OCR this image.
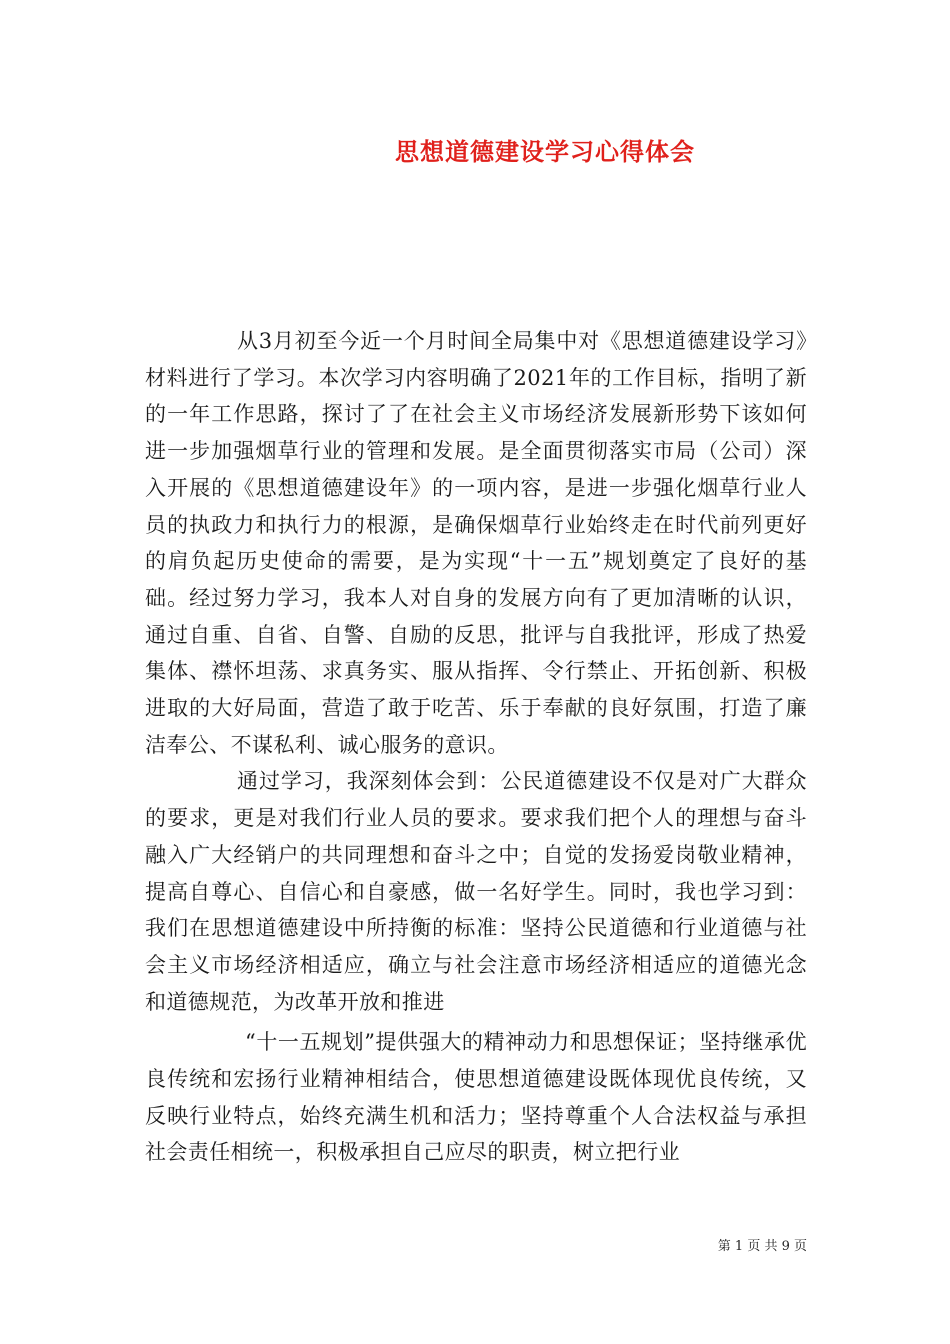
思想道德建设学习心得体会

从3月初至今近一个月时间全局集中对《思想道德建设学习》材料进行了学习。本次学习内容明确了2021年的工作目标，指明了新的一年工作思路，探讨了了在社会主义市场经济发展新形势下该如何进一步加强烟草行业的管理和发展。是全面贯彻落实市局（公司）深入开展的《思想道德建设年》的一项内容，是进一步强化烟草行业人员的执政力和执行力的根源，是确保烟草行业始终走在时代前列更好的肩负起历史使命的需要，是为实现“十一五”规划奠定了良好的基础。经过努力学习，我本人对自身的发展方向有了更加清晰的认识，通过自重、自省、自警、自励的反思，批评与自我批评，形成了热爱集体、襟怀坦荡、求真务实、服从指挥、令行禁止、开拓创新、积极进取的大好局面，营造了敢于吃苦、乐于奉献的良好氛围，打造了廉洁奉公、不谋私利、诚心服务的意识。

通过学习，我深刻体会到：公民道德建设不仅是对广大群众的要求，更是对我们行业人员的要求。要求我们把个人的理想与奋斗融入广大经销户的共同理想和奋斗之中；自觉的发扬爱岗敬业精神，提高自尊心、自信心和自豪感，做一名好学生。同时，我也学习到：我们在思想道德建设中所持衡的标准：坚持公民道德和行业道德与社会主义市场经济相适应，确立与社会注意市场经济相适应的道德光念和道德规范，为改革开放和推进

“十一五规划”提供强大的精神动力和思想保证；坚持继承优良传统和宏扬行业精神相结合，使思想道德建设既体现优良传统，又反映行业特点，始终充满生机和活力；坚持尊重个人合法权益与承担社会责任相统一，积极承担自己应尽的职责，树立把行业

第 1 页 共 9 页
